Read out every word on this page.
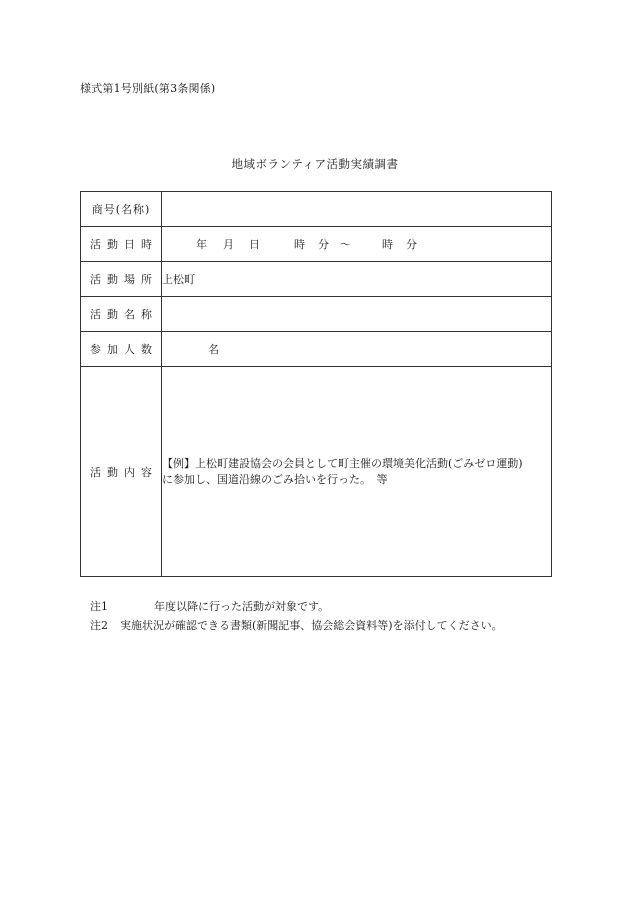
様式第1号別紙(第3条関係)
地域ボランティア活動実績調書
商号(名称)	
活動日時	年 月 日 時 分 ～ 時 分
活動場所	上松町
活動名称	
参加人数	名
活動内容	【例】上松町建設協会の会員として町主催の環境美化活動(ごみゼロ運動)
に参加し、国道沿線のごみ拾いを行った。　等
注1	年度以降に行った活動が対象です。
注2	実施状況が確認できる書類(新聞記事、協会総会資料等)を添付してください。
